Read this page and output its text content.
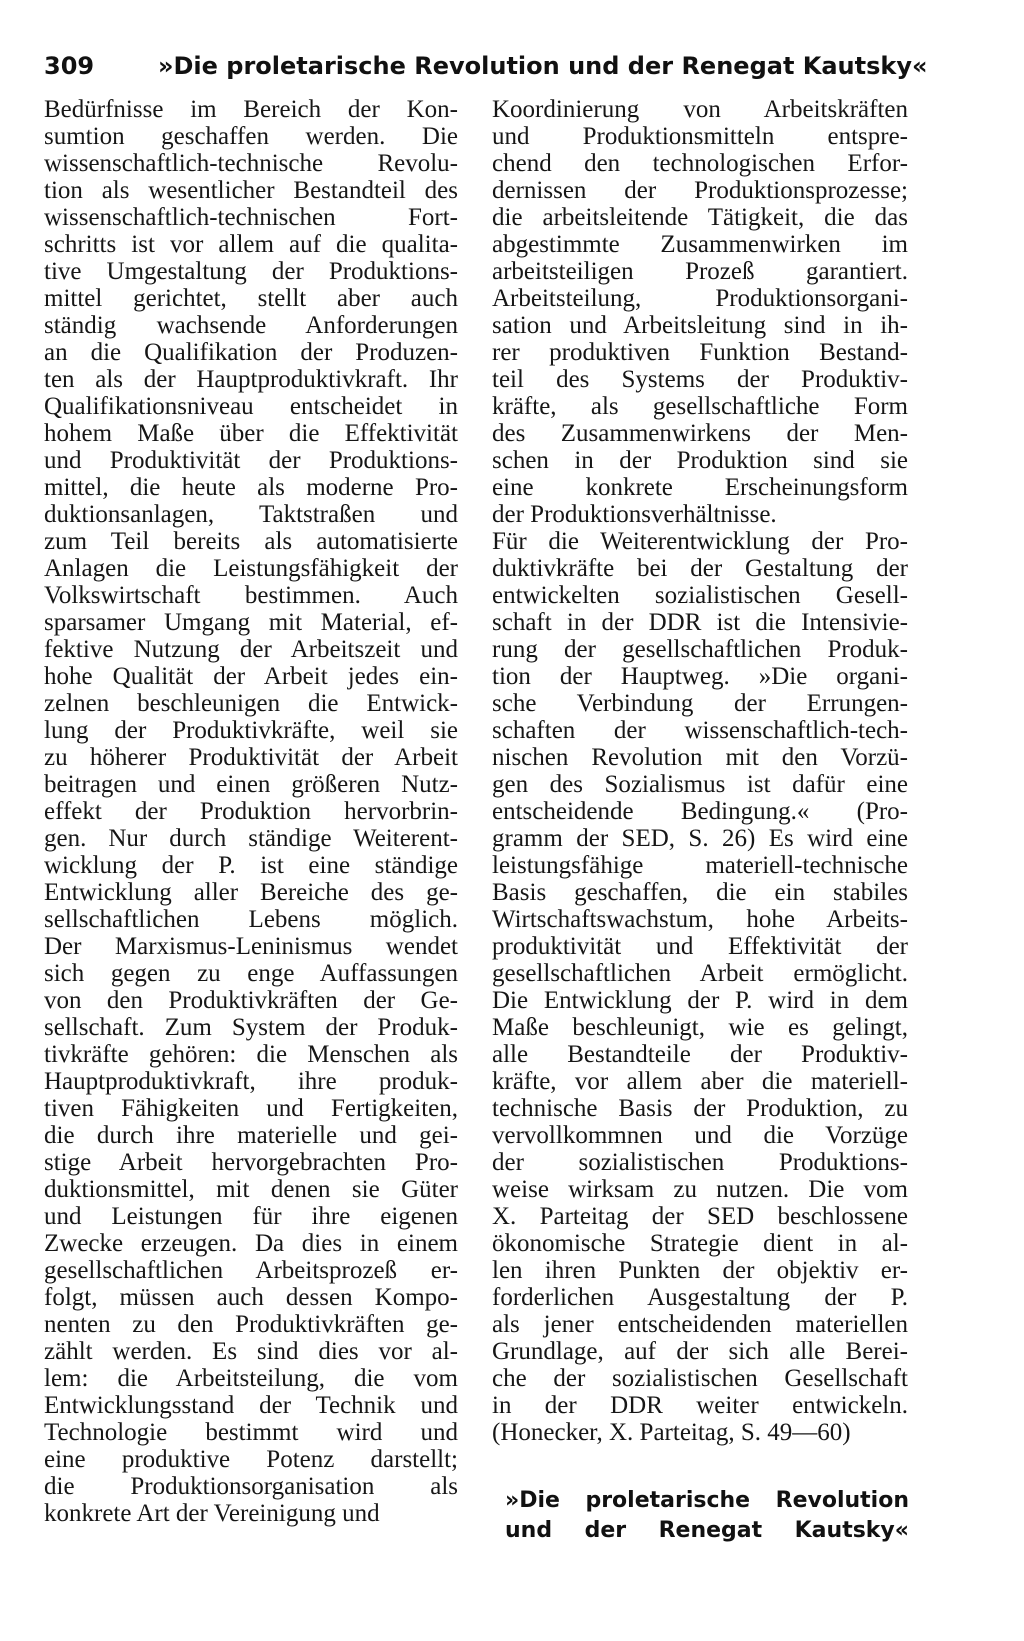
309	»Die proletarische Revolution und der Renegat Kautsky«
Bedürfnisse im Bereich der Kon-
sumtion geschaffen werden. Die
wissenschaftlich-technische Revolu-
tion als wesentlicher Bestandteil des
wissenschaftlich-technischen Fort-
schritts ist vor allem auf die qualita-
tive Umgestaltung der Produktions-
mittel gerichtet, stellt aber auch
ständig wachsende Anforderungen
an die Qualifikation der Produzen-
ten als der Hauptproduktivkraft. Ihr
Qualifikationsniveau entscheidet in
hohem Maße über die Effektivität
und Produktivität der Produktions-
mittel, die heute als moderne Pro-
duktionsanlagen, Taktstraßen und
zum Teil bereits als automatisierte
Anlagen die Leistungsfähigkeit der
Volkswirtschaft bestimmen. Auch
sparsamer Umgang mit Material, ef-
fektive Nutzung der Arbeitszeit und
hohe Qualität der Arbeit jedes ein-
zelnen beschleunigen die Entwick-
lung der Produktivkräfte, weil sie
zu höherer Produktivität der Arbeit
beitragen und einen größeren Nutz-
effekt der Produktion hervorbrin-
gen. Nur durch ständige Weiterent-
wicklung der P. ist eine ständige
Entwicklung aller Bereiche des ge-
sellschaftlichen Lebens möglich.
Der Marxismus-Leninismus wendet
sich gegen zu enge Auffassungen
von den Produktivkräften der Ge-
sellschaft. Zum System der Produk-
tivkräfte gehören: die Menschen als
Hauptproduktivkraft, ihre produk-
tiven Fähigkeiten und Fertigkeiten,
die durch ihre materielle und gei-
stige Arbeit hervorgebrachten Pro-
duktionsmittel, mit denen sie Güter
und Leistungen für ihre eigenen
Zwecke erzeugen. Da dies in einem
gesellschaftlichen Arbeitsprozeß er-
folgt, müssen auch dessen Kompo-
nenten zu den Produktivkräften ge-
zählt werden. Es sind dies vor al-
lem: die Arbeitsteilung, die vom
Entwicklungsstand der Technik und
Technologie bestimmt wird und
eine produktive Potenz darstellt;
die Produktionsorganisation als
konkrete Art der Vereinigung und
Koordinierung von Arbeitskräften
und Produktionsmitteln entspre-
chend den technologischen Erfor-
dernissen der Produktionsprozesse;
die arbeitsleitende Tätigkeit, die das
abgestimmte Zusammenwirken im
arbeitsteiligen Prozeß garantiert.
Arbeitsteilung, Produktionsorgani-
sation und Arbeitsleitung sind in ih-
rer produktiven Funktion Bestand-
teil des Systems der Produktiv-
kräfte, als gesellschaftliche Form
des Zusammenwirkens der Men-
schen in der Produktion sind sie
eine konkrete Erscheinungsform
der Produktionsverhältnisse.
Für die Weiterentwicklung der Pro-
duktivkräfte bei der Gestaltung der
entwickelten sozialistischen Gesell-
schaft in der DDR ist die Intensivie-
rung der gesellschaftlichen Produk-
tion der Hauptweg. »Die organi-
sche Verbindung der Errungen-
schaften der wissenschaftlich-tech-
nischen Revolution mit den Vorzü-
gen des Sozialismus ist dafür eine
entscheidende Bedingung.« (Pro-
gramm der SED, S. 26) Es wird eine
leistungsfähige materiell-technische
Basis geschaffen, die ein stabiles
Wirtschaftswachstum, hohe Arbeits-
produktivität und Effektivität der
gesellschaftlichen Arbeit ermöglicht.
Die Entwicklung der P. wird in dem
Maße beschleunigt, wie es gelingt,
alle Bestandteile der Produktiv-
kräfte, vor allem aber die materiell-
technische Basis der Produktion, zu
vervollkommnen und die Vorzüge
der sozialistischen Produktions-
weise wirksam zu nutzen. Die vom
X. Parteitag der SED beschlossene
ökonomische Strategie dient in al-
len ihren Punkten der objektiv er-
forderlichen Ausgestaltung der P.
als jener entscheidenden materiellen
Grundlage, auf der sich alle Berei-
che der sozialistischen Gesellschaft
in der DDR weiter entwickeln.
(Honecker, X. Parteitag, S. 49—60)
»Die proletarische Revolution
und der Renegat Kautsky«
